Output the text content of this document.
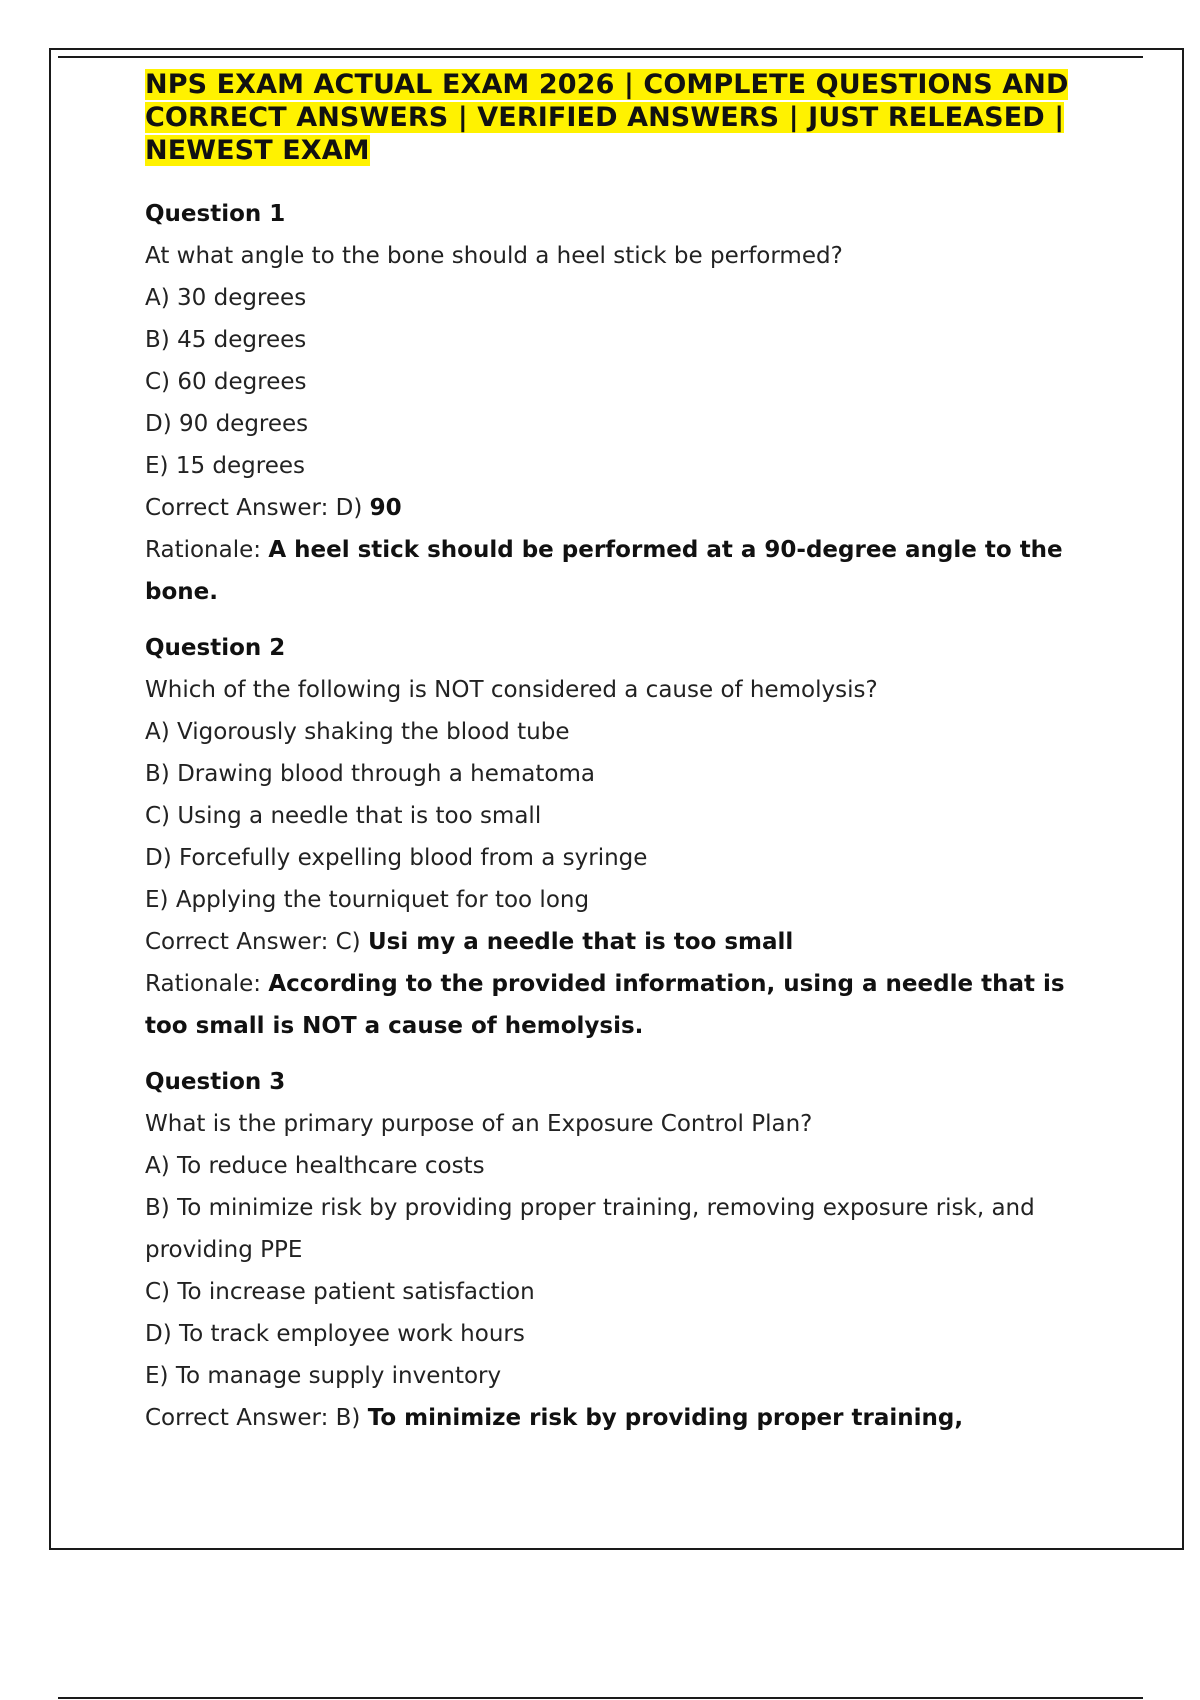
NPS EXAM ACTUAL EXAM 2026 | COMPLETE QUESTIONS AND CORRECT ANSWERS | VERIFIED ANSWERS | JUST RELEASED | NEWEST EXAM

Question 1

At what angle to the bone should a heel stick be performed?

A) 30 degrees

B) 45 degrees

C) 60 degrees

D) 90 degrees

E) 15 degrees

Correct Answer: D) 90

Rationale: A heel stick should be performed at a 90-degree angle to the bone.

Question 2

Which of the following is NOT considered a cause of hemolysis?

A) Vigorously shaking the blood tube

B) Drawing blood through a hematoma

C) Using a needle that is too small

D) Forcefully expelling blood from a syringe

E) Applying the tourniquet for too long

Correct Answer: C) Usi my a needle that is too small

Rationale: According to the provided information, using a needle that is too small is NOT a cause of hemolysis.

Question 3

What is the primary purpose of an Exposure Control Plan?

A) To reduce healthcare costs

B) To minimize risk by providing proper training, removing exposure risk, and providing PPE

C) To increase patient satisfaction

D) To track employee work hours

E) To manage supply inventory

Correct Answer: B) To minimize risk by providing proper training,
